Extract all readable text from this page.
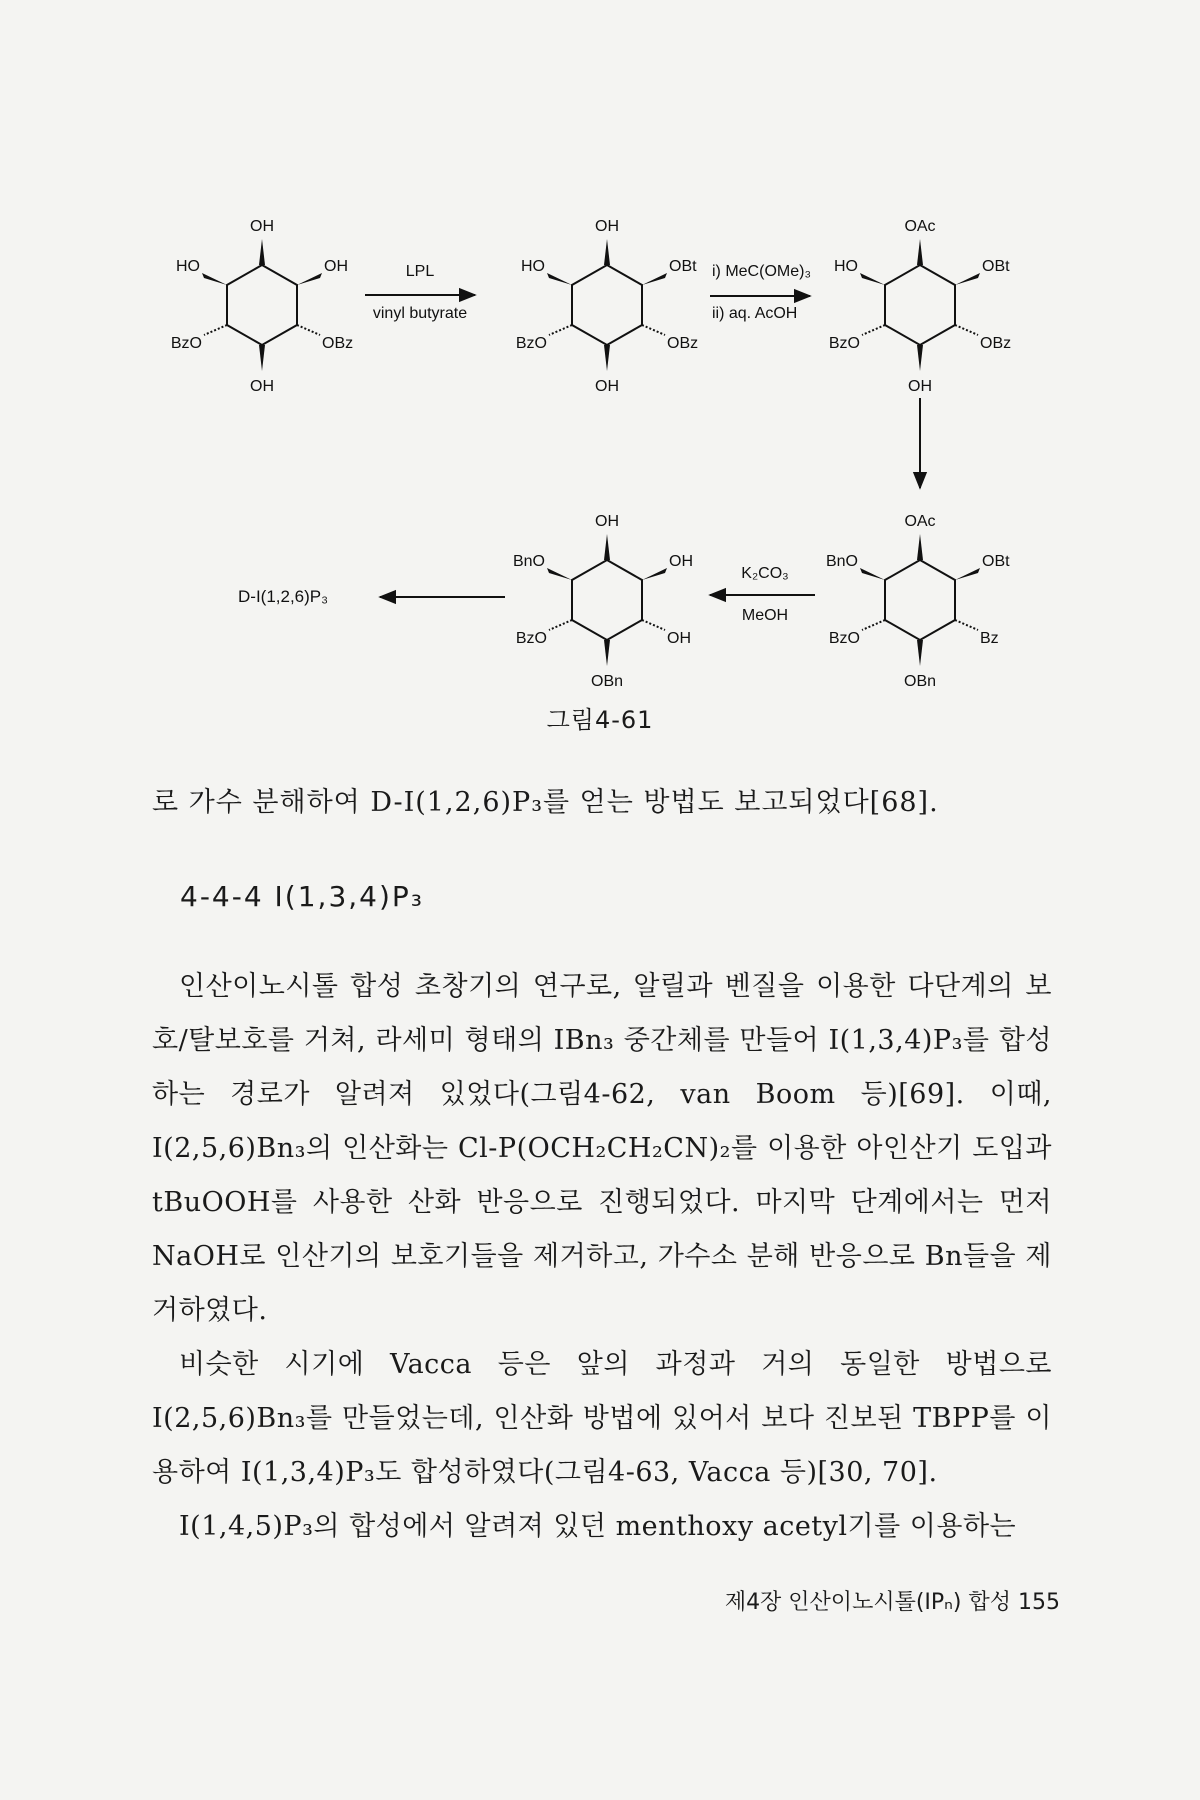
OH
HO	OH
BzO	OBz
OH
LPL
vinyl butyrate
OH
HO	OBt
BzO	OBz
OH
i) MeC(OMe)₃
ii) aq. AcOH
OAc
HO	OBt
BzO	OBz
OH
OAc
BnO	OBt
BzO	Bz
OBn
K₂CO₃
MeOH
OH
BnO	OH
BzO	OH
OBn
D-I(1,2,6)P₃
그림4-61
로 가수 분해하여 D-I(1,2,6)P₃를 얻는 방법도 보고되었다[68].
4-4-4 I(1,3,4)P₃

인산이노시톨 합성 초창기의 연구로, 알릴과 벤질을 이용한 다단계의 보호/탈보호를 거쳐, 라세미 형태의 IBn₃ 중간체를 만들어 I(1,3,4)P₃를 합성하는 경로가 알려져 있었다(그림4-62, van Boom 등)[69]. 이때, I(2,5,6)Bn₃의 인산화는 Cl-P(OCH₂CH₂CN)₂를 이용한 아인산기 도입과 tBuOOH를 사용한 산화 반응으로 진행되었다. 마지막 단계에서는 먼저 NaOH로 인산기의 보호기들을 제거하고, 가수소 분해 반응으로 Bn들을 제거하였다.

비슷한 시기에 Vacca 등은 앞의 과정과 거의 동일한 방법으로 I(2,5,6)Bn₃를 만들었는데, 인산화 방법에 있어서 보다 진보된 TBPP를 이용하여 I(1,3,4)P₃도 합성하였다(그림4-63, Vacca 등)[30, 70].

I(1,4,5)P₃의 합성에서 알려져 있던 menthoxy acetyl기를 이용하는

제4장 인산이노시톨(IPₙ) 합성 155
